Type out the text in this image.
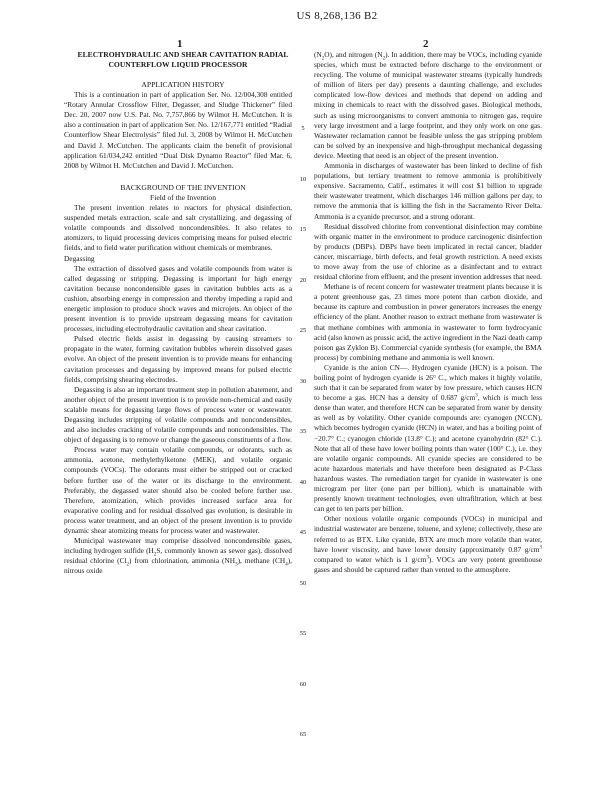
US 8,268,136 B2
1	2

ELECTROHYDRAULIC AND SHEAR CAVITATION RADIAL COUNTERFLOW LIQUID PROCESSOR

APPLICATION HISTORY

This is a continuation in part of application Ser. No. 12/004,308 entitled “Rotary Annular Crossflow Filter, Degasser, and Sludge Thickener” filed Dec. 20, 2007 now U.S. Pat. No. 7,757,866 by Wilmot H. McCutchen. It is also a continuation in part of application Ser. No. 12/167,771 entitled “Radial Counterflow Shear Electrolysis” filed Jul. 3, 2008 by Wilmot H. McCutchen and David J. McCutchen. The applicants claim the benefit of provisional application 61/034,242 entitled “Dual Disk Dynamo Reactor” filed Mar. 6, 2008 by Wilmot H. McCutchen and David J. McCutchen.

BACKGROUND OF THE INVENTION

Field of the Invention

The present invention relates to reactors for physical disinfection, suspended metals extraction, scale and salt crystallizing, and degassing of volatile compounds and dissolved noncondensibles. It also relates to atomizers, to liquid processing devices comprising means for pulsed electric fields, and to field water purification without chemicals or membranes.

Degassing

The extraction of dissolved gases and volatile compounds from water is called degassing or stripping. Degassing is important for high energy cavitation because noncondensible gases in cavitation bubbles acts as a cushion, absorbing energy in compression and thereby impeding a rapid and energetic implosion to produce shock waves and microjets. An object of the present invention is to provide upstream degassing means for cavitation processes, including electrohydraulic cavitation and shear cavitation.

Pulsed electric fields assist in degassing by causing streamers to propagate in the water, forming cavitation bubbles wherein dissolved gases evolve. An object of the present invention is to provide means for enhancing cavitation processes and degassing by improved means for pulsed electric fields, comprising shearing electrodes.

Degassing is also an important treatment step in pollution abatement, and another object of the present invention is to provide non-chemical and easily scalable means for degassing large flows of process water or wastewater. Degassing includes stripping of volatile compounds and noncondensibles, and also includes cracking of volatile compounds and noncondensibles. The object of degassing is to remove or change the gaseous constituents of a flow.

Process water may contain volatile compounds, or odorants, such as ammonia, acetone, methylethylketone (MEK), and volatile organic compounds (VOCs). The odorants must either be stripped out or cracked before further use of the water or its discharge to the environment. Preferably, the degassed water should also be cooled before further use. Therefore, atomization, which provides increased surface area for evaporative cooling and for residual dissolved gas evolution, is desirable in process water treatment, and an object of the present invention is to provide dynamic shear atomizing means for process water and wastewater.

Municipal wastewater may comprise dissolved noncondensible gases, including hydrogen sulfide ($H_2S$, commonly known as sewer gas), dissolved residual chlorine $(Cl_2)$ from chlorination, ammonia $(NH_3)$, methane $(CH_4)$, nitrous oxide

5
10
15
20
25
30
35
40
45
50
55
60
65

$(N_2O)$, and nitrogen $(N_2)$. In addition, there may be VOCs, including cyanide species, which must be extracted before discharge to the environment or recycling. The volume of municipal wastewater streams (typically hundreds of million of liters per day) presents a daunting challenge, and excludes complicated low-flow devices and methods that depend on adding and mixing in chemicals to react with the dissolved gases. Biological methods, such as using microorganisms to convert ammonia to nitrogen gas, require very large investment and a large footprint, and they only work on one gas. Wastewater reclamation cannot be feasible unless the gas stripping problem can be solved by an inexpensive and high-throughput mechanical degassing device. Meeting that need is an object of the present invention.

Ammonia in discharges of wastewater has been linked to decline of fish populations, but tertiary treatment to remove ammonia is prohibitively expensive. Sacramento, Calif., estimates it will cost $1 billion to upgrade their wastewater treatment, which discharges 146 million gallons per day, to remove the ammonia that is killing the fish in the Sacramento River Delta. Ammonia is a cyanide precursor, and a strong odorant.

Residual dissolved chlorine from conventional disinfection may combine with organic matter in the environment to produce carcinogenic disinfection by products (DBPs). DBPs have been implicated in rectal cancer, bladder cancer, miscarriage, birth defects, and fetal growth restriction. A need exists to move away from the use of chlorine as a disinfectant and to extract residual chlorine from effluent, and the present invention addresses that need.

Methane is of recent concern for wastewater treatment plants because it is a potent greenhouse gas, 23 times more potent than carbon dioxide, and because its capture and combustion in power generators increases the energy efficiency of the plant. Another reason to extract methane from wastewater is that methane combines with ammonia in wastewater to form hydrocyanic acid (also known as prussic acid, the active ingredient in the Nazi death camp poison gas Zyklon B). Commercial cyanide synthesis (for example, the BMA process) by combining methane and ammonia is well known.

Cyanide is the anion CN—. Hydrogen cyanide (HCN) is a poison. The boiling point of hydrogen cyanide is 26° C., which makes it highly volatile, such that it can be separated from water by low pressure, which causes HCN to become a gas. HCN has a density of 0.687 $g/cm^3$, which is much less dense than water, and therefore HCN can be separated from water by density as well as by volatility. Other cyanide compounds are: cyanogen (NCCN), which becomes hydrogen cyanide (HCN) in water, and has a boiling point of −20.7° C.; cyanogen chloride (13.8° C.); and acetone cyanohydrin (82° C.). Note that all of these have lower boiling points than water (100° C.), i.e. they are volatile organic compounds. All cyanide species are considered to be acute hazardous materials and have therefore been designated as P-Class hazardous wastes. The remediation target for cyanide in wastewater is one microgram per liter (one part per billion), which is unattainable with presently known treatment technologies, even ultrafiltration, which at best can get to ten parts per billion.

Other noxious volatile organic compounds (VOCs) in municipal and industrial wastewater are benzene, toluene, and xylene; collectively, these are referred to as BTX. Like cyanide, BTX are much more volatile than water, have lower viscosity, and have lower density (approximately 0.87 $g/cm^3$ compared to water which is 1 $g/cm^3$). VOCs are very potent greenhouse gases and should be captured rather than vented to the atmosphere.
